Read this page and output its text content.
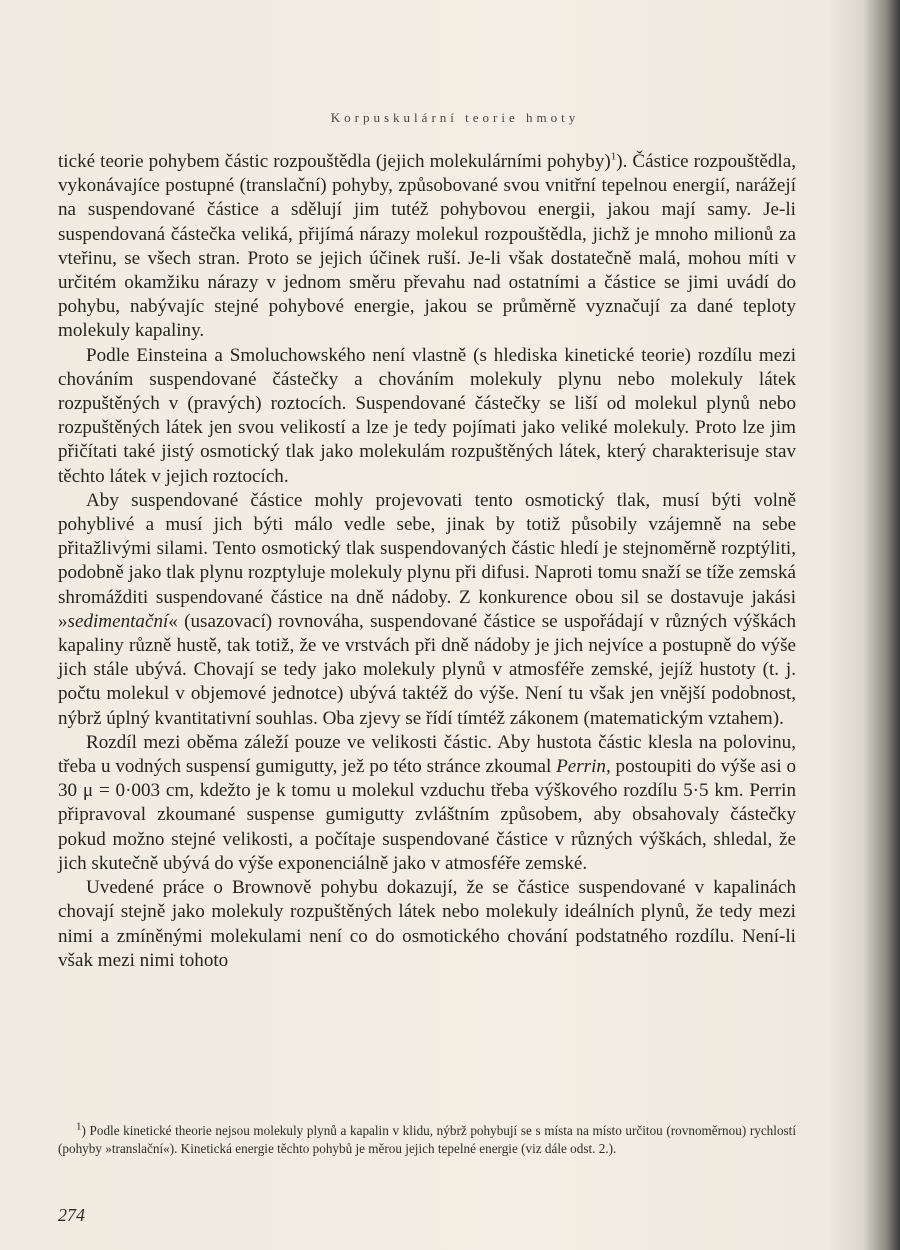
Korpuskulární teorie hmoty

tické teorie pohybem částic rozpouštědla (jejich molekulárními pohyby)$^1$). Částice rozpouštědla, vykonávajíce postupné (translační) pohyby, způsobované svou vnitřní tepelnou energií, narážejí na suspendované částice a sdělují jim tutéž pohybovou energii, jakou mají samy. Je-li suspendovaná částečka veliká, přijímá nárazy molekul rozpouštědla, jichž je mnoho milionů za vteřinu, se všech stran. Proto se jejich účinek ruší. Je-li však dostatečně malá, mohou míti v určitém okamžiku nárazy v jednom směru převahu nad ostatními a částice se jimi uvádí do pohybu, nabývajíc stejné pohybové energie, jakou se průměrně vyznačují za dané teploty molekuly kapaliny.

Podle Einsteina a Smoluchowského není vlastně (s hlediska kinetické teorie) rozdílu mezi chováním suspendované částečky a chováním molekuly plynu nebo molekuly látek rozpuštěných v (pravých) roztocích. Suspendované částečky se liší od molekul plynů nebo rozpuštěných látek jen svou velikostí a lze je tedy pojímati jako veliké molekuly. Proto lze jim přičítati také jistý osmotický tlak jako molekulám rozpuštěných látek, který charakterisuje stav těchto látek v jejich roztocích.

Aby suspendované částice mohly projevovati tento osmotický tlak, musí býti volně pohyblivé a musí jich býti málo vedle sebe, jinak by totiž působily vzájemně na sebe přitažlivými silami. Tento osmotický tlak suspendovaných částic hledí je stejnoměrně rozptýliti, podobně jako tlak plynu rozptyluje molekuly plynu při difusi. Naproti tomu snaží se tíže zemská shromážditi suspendované částice na dně nádoby. Z konkurence obou sil se dostavuje jakási »sedimentační« (usazovací) rovnováha, suspendované částice se uspořádají v různých výškách kapaliny různě hustě, tak totiž, že ve vrstvách při dně nádoby je jich nejvíce a postupně do výše jich stále ubývá. Chovají se tedy jako molekuly plynů v atmosféře zemské, jejíž hustoty (t. j. počtu molekul v objemové jednotce) ubývá taktéž do výše. Není tu však jen vnější podobnost, nýbrž úplný kvantitativní souhlas. Oba zjevy se řídí tímtéž zákonem (matematickým vztahem).

Rozdíl mezi oběma záleží pouze ve velikosti částic. Aby hustota částic klesla na polovinu, třeba u vodných suspensí gumigutty, jež po této stránce zkoumal Perrin, postoupiti do výše asi o 30 μ = 0·003 cm, kdežto je k tomu u molekul vzduchu třeba výškového rozdílu 5·5 km. Perrin připravoval zkoumané suspense gumigutty zvláštním způsobem, aby obsahovaly částečky pokud možno stejné velikosti, a počítaje suspendované částice v různých výškách, shledal, že jich skutečně ubývá do výše exponenciálně jako v atmosféře zemské.

Uvedené práce o Brownově pohybu dokazují, že se částice suspendované v kapalinách chovají stejně jako molekuly rozpuštěných látek nebo molekuly ideálních plynů, že tedy mezi nimi a zmíněnými molekulami není co do osmotického chování podstatného rozdílu. Není-li však mezi nimi tohoto

$^1$) Podle kinetické theorie nejsou molekuly plynů a kapalin v klidu, nýbrž pohybují se s místa na místo určitou (rovnoměrnou) rychlostí (pohyby »translační«). Kinetická energie těchto pohybů je měrou jejich tepelné energie (viz dále odst. 2.).
274
